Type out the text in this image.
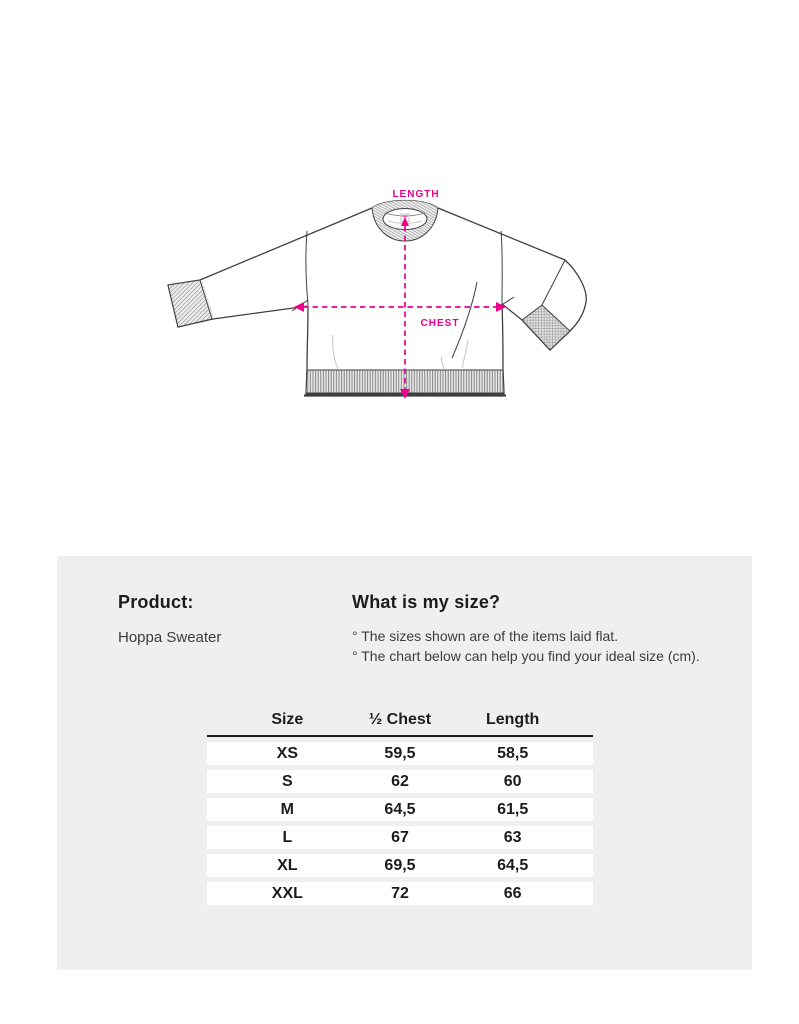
LENGTH
CHEST
Product:

Hoppa Sweater

What is my size?

° The sizes shown are of the items laid flat.

° The chart below can help you find your ideal size (cm).

Size	½ Chest	Length
XS	59,5	58,5
S	62	60
M	64,5	61,5
L	67	63
XL	69,5	64,5
XXL	72	66
